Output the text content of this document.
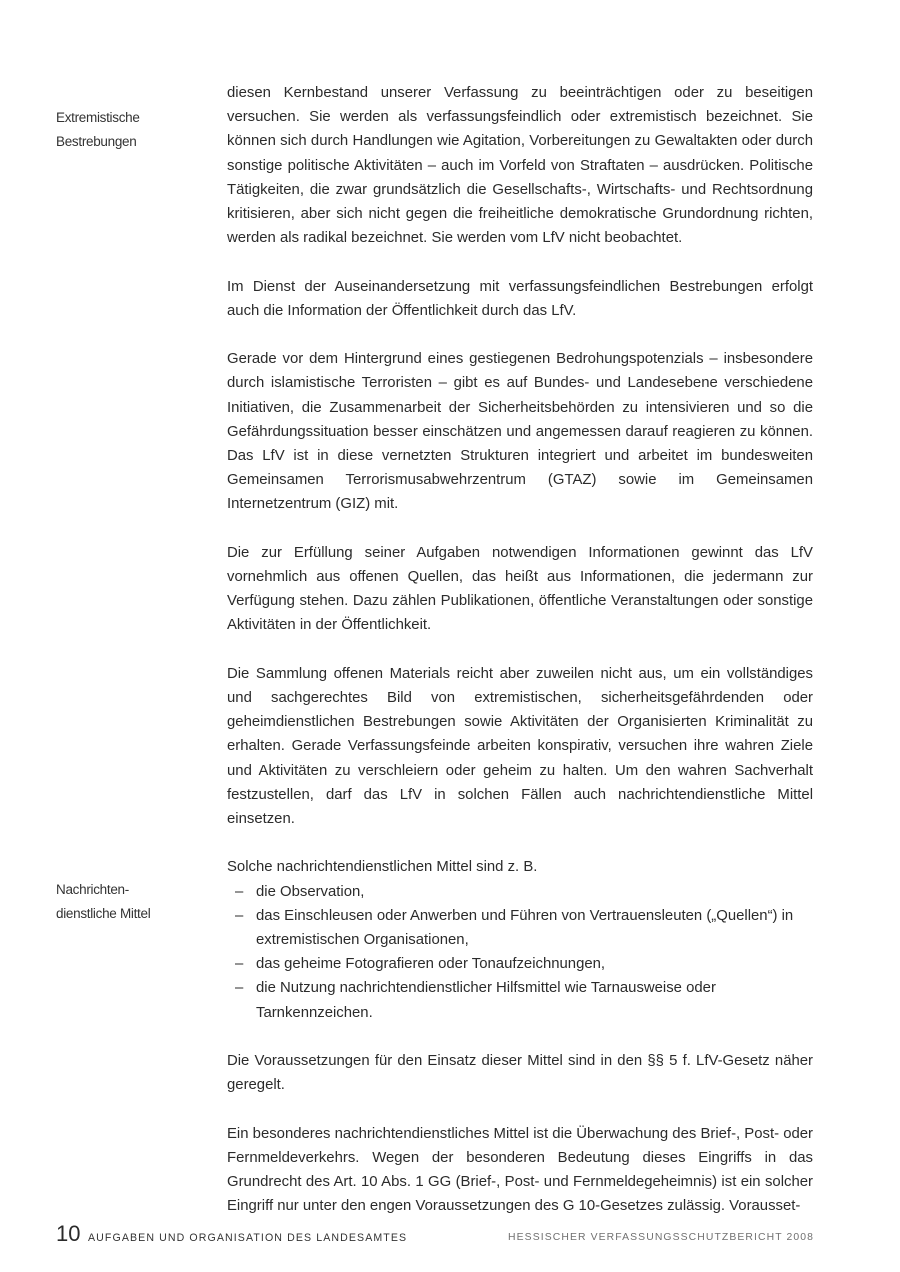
Extremistische
Bestrebungen
Nachrichten-
dienstliche Mittel

diesen Kernbestand unserer Verfassung zu beeinträchtigen oder zu beseitigen versuchen. Sie werden als verfassungsfeindlich oder extremistisch bezeichnet. Sie können sich durch Handlungen wie Agitation, Vorbereitungen zu Gewaltakten oder durch sonstige politische Aktivitäten – auch im Vorfeld von Straftaten – ausdrücken. Politische Tätigkeiten, die zwar grundsätzlich die Gesellschafts-, Wirtschafts- und Rechtsordnung kritisieren, aber sich nicht gegen die freiheitliche demokratische Grundordnung richten, werden als radikal bezeichnet. Sie werden vom LfV nicht beobachtet.

Im Dienst der Auseinandersetzung mit verfassungsfeindlichen Bestrebungen erfolgt auch die Information der Öffentlichkeit durch das LfV.

Gerade vor dem Hintergrund eines gestiegenen Bedrohungspotenzials – insbesondere durch islamistische Terroristen – gibt es auf Bundes- und Landesebene verschiedene Initiativen, die Zusammenarbeit der Sicherheitsbehörden zu intensivieren und so die Gefährdungssituation besser einschätzen und angemessen darauf reagieren zu können. Das LfV ist in diese vernetzten Strukturen integriert und arbeitet im bundesweiten Gemeinsamen Terrorismusabwehrzentrum (GTAZ) sowie im Gemeinsamen Internetzentrum (GIZ) mit.

Die zur Erfüllung seiner Aufgaben notwendigen Informationen gewinnt das LfV vornehmlich aus offenen Quellen, das heißt aus Informationen, die jedermann zur Verfügung stehen. Dazu zählen Publikationen, öffentliche Veranstaltungen oder sonstige Aktivitäten in der Öffentlichkeit.

Die Sammlung offenen Materials reicht aber zuweilen nicht aus, um ein vollständiges und sachgerechtes Bild von extremistischen, sicherheitsgefährdenden oder geheimdienstlichen Bestrebungen sowie Aktivitäten der Organisierten Kriminalität zu erhalten. Gerade Verfassungsfeinde arbeiten konspirativ, versuchen ihre wahren Ziele und Aktivitäten zu verschleiern oder geheim zu halten. Um den wahren Sachverhalt festzustellen, darf das LfV in solchen Fällen auch nachrichtendienstliche Mittel einsetzen.

Solche nachrichtendienstlichen Mittel sind z. B.

– die Observation,
– das Einschleusen oder Anwerben und Führen von Vertrauensleuten („Quellen“) in extremistischen Organisationen,
– das geheime Fotografieren oder Tonaufzeichnungen,
– die Nutzung nachrichtendienstlicher Hilfsmittel wie Tarnausweise oder Tarnkennzeichen.

Die Voraussetzungen für den Einsatz dieser Mittel sind in den §§ 5 f. LfV-Gesetz näher geregelt.

Ein besonderes nachrichtendienstliches Mittel ist die Überwachung des Brief-, Post- oder Fernmeldeverkehrs. Wegen der besonderen Bedeutung dieses Eingriffs in das Grundrecht des Art. 10 Abs. 1 GG (Brief-, Post- und Fernmeldegeheimnis) ist ein solcher Eingriff nur unter den engen Voraussetzungen des G 10-Gesetzes zulässig. Vorausset-

10 AUFGABEN UND ORGANISATION DES LANDESAMTES	HESSISCHER VERFASSUNGSSCHUTZBERICHT 2008
